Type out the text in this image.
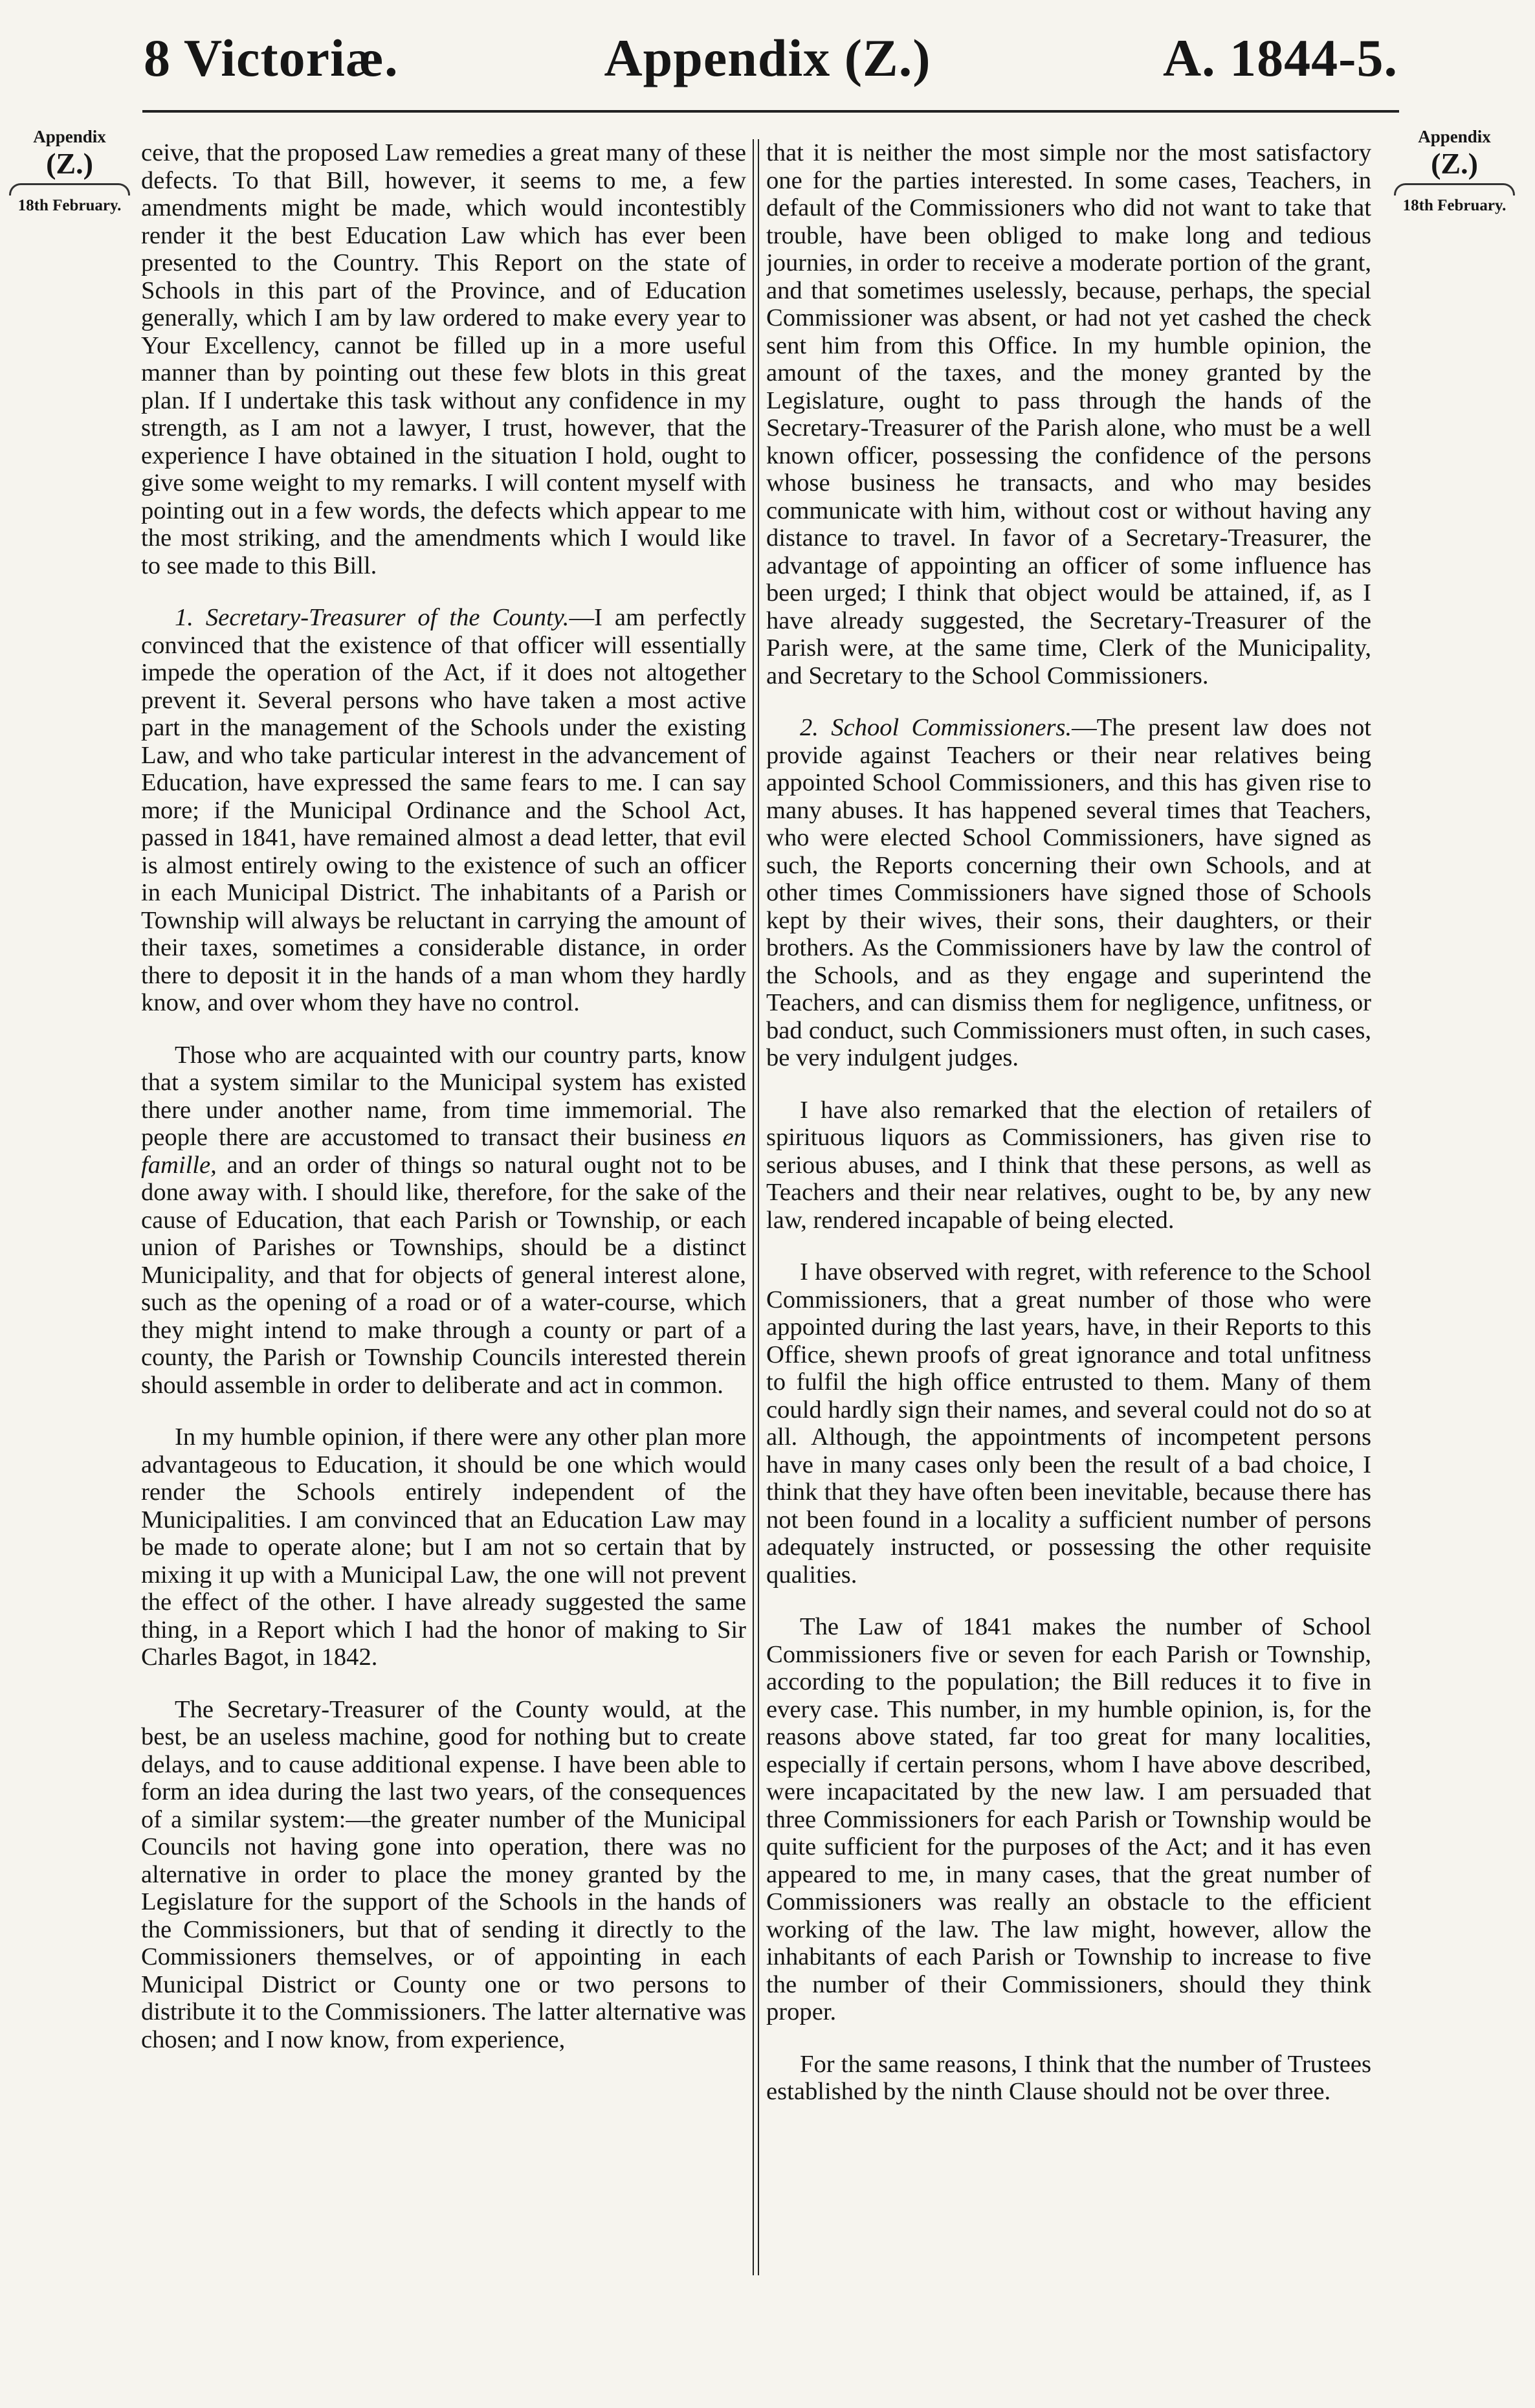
8 Victoriæ.	Appendix (Z.)	A. 1844-5.
Appendix
(Z.)
18th February.
Appendix
(Z.)
18th February.

ceive, that the proposed Law remedies a great many of these defects. To that Bill, however, it seems to me, a few amendments might be made, which would incontestibly render it the best Education Law which has ever been presented to the Country. This Report on the state of Schools in this part of the Province, and of Education generally, which I am by law ordered to make every year to Your Excellency, cannot be filled up in a more useful manner than by pointing out these few blots in this great plan. If I undertake this task without any confidence in my strength, as I am not a lawyer, I trust, however, that the experience I have obtained in the situation I hold, ought to give some weight to my remarks. I will content myself with pointing out in a few words, the defects which appear to me the most striking, and the amendments which I would like to see made to this Bill.

1. Secretary-Treasurer of the County.—I am perfectly convinced that the existence of that officer will essentially impede the operation of the Act, if it does not altogether prevent it. Several persons who have taken a most active part in the management of the Schools under the existing Law, and who take particular interest in the advancement of Education, have expressed the same fears to me. I can say more; if the Municipal Ordinance and the School Act, passed in 1841, have remained almost a dead letter, that evil is almost entirely owing to the existence of such an officer in each Municipal District. The inhabitants of a Parish or Township will always be reluctant in carrying the amount of their taxes, sometimes a considerable distance, in order there to deposit it in the hands of a man whom they hardly know, and over whom they have no control.

Those who are acquainted with our country parts, know that a system similar to the Municipal system has existed there under another name, from time immemorial. The people there are accustomed to transact their business en famille, and an order of things so natural ought not to be done away with. I should like, therefore, for the sake of the cause of Education, that each Parish or Township, or each union of Parishes or Townships, should be a distinct Municipality, and that for objects of general interest alone, such as the opening of a road or of a water-course, which they might intend to make through a county or part of a county, the Parish or Township Councils interested therein should assemble in order to deliberate and act in common.

In my humble opinion, if there were any other plan more advantageous to Education, it should be one which would render the Schools entirely independent of the Municipalities. I am convinced that an Education Law may be made to operate alone; but I am not so certain that by mixing it up with a Municipal Law, the one will not prevent the effect of the other. I have already suggested the same thing, in a Report which I had the honor of making to Sir Charles Bagot, in 1842.

The Secretary-Treasurer of the County would, at the best, be an useless machine, good for nothing but to create delays, and to cause additional expense. I have been able to form an idea during the last two years, of the consequences of a similar system:—the greater number of the Municipal Councils not having gone into operation, there was no alternative in order to place the money granted by the Legislature for the support of the Schools in the hands of the Commissioners, but that of sending it directly to the Commissioners themselves, or of appointing in each Municipal District or County one or two persons to distribute it to the Commissioners. The latter alternative was chosen; and I now know, from experience,

that it is neither the most simple nor the most satisfactory one for the parties interested. In some cases, Teachers, in default of the Commissioners who did not want to take that trouble, have been obliged to make long and tedious journies, in order to receive a moderate portion of the grant, and that sometimes uselessly, because, perhaps, the special Commissioner was absent, or had not yet cashed the check sent him from this Office. In my humble opinion, the amount of the taxes, and the money granted by the Legislature, ought to pass through the hands of the Secretary-Treasurer of the Parish alone, who must be a well known officer, possessing the confidence of the persons whose business he transacts, and who may besides communicate with him, without cost or without having any distance to travel. In favor of a Secretary-Treasurer, the advantage of appointing an officer of some influence has been urged; I think that object would be attained, if, as I have already suggested, the Secretary-Treasurer of the Parish were, at the same time, Clerk of the Municipality, and Secretary to the School Commissioners.

2. School Commissioners.—The present law does not provide against Teachers or their near relatives being appointed School Commissioners, and this has given rise to many abuses. It has happened several times that Teachers, who were elected School Commissioners, have signed as such, the Reports concerning their own Schools, and at other times Commissioners have signed those of Schools kept by their wives, their sons, their daughters, or their brothers. As the Commissioners have by law the control of the Schools, and as they engage and superintend the Teachers, and can dismiss them for negligence, unfitness, or bad conduct, such Commissioners must often, in such cases, be very indulgent judges.

I have also remarked that the election of retailers of spirituous liquors as Commissioners, has given rise to serious abuses, and I think that these persons, as well as Teachers and their near relatives, ought to be, by any new law, rendered incapable of being elected.

I have observed with regret, with reference to the School Commissioners, that a great number of those who were appointed during the last years, have, in their Reports to this Office, shewn proofs of great ignorance and total unfitness to fulfil the high office entrusted to them. Many of them could hardly sign their names, and several could not do so at all. Although, the appointments of incompetent persons have in many cases only been the result of a bad choice, I think that they have often been inevitable, because there has not been found in a locality a sufficient number of persons adequately instructed, or possessing the other requisite qualities.

The Law of 1841 makes the number of School Commissioners five or seven for each Parish or Township, according to the population; the Bill reduces it to five in every case. This number, in my humble opinion, is, for the reasons above stated, far too great for many localities, especially if certain persons, whom I have above described, were incapacitated by the new law. I am persuaded that three Commissioners for each Parish or Township would be quite sufficient for the purposes of the Act; and it has even appeared to me, in many cases, that the great number of Commissioners was really an obstacle to the efficient working of the law. The law might, however, allow the inhabitants of each Parish or Township to increase to five the number of their Commissioners, should they think proper.

For the same reasons, I think that the number of Trustees established by the ninth Clause should not be over three.
